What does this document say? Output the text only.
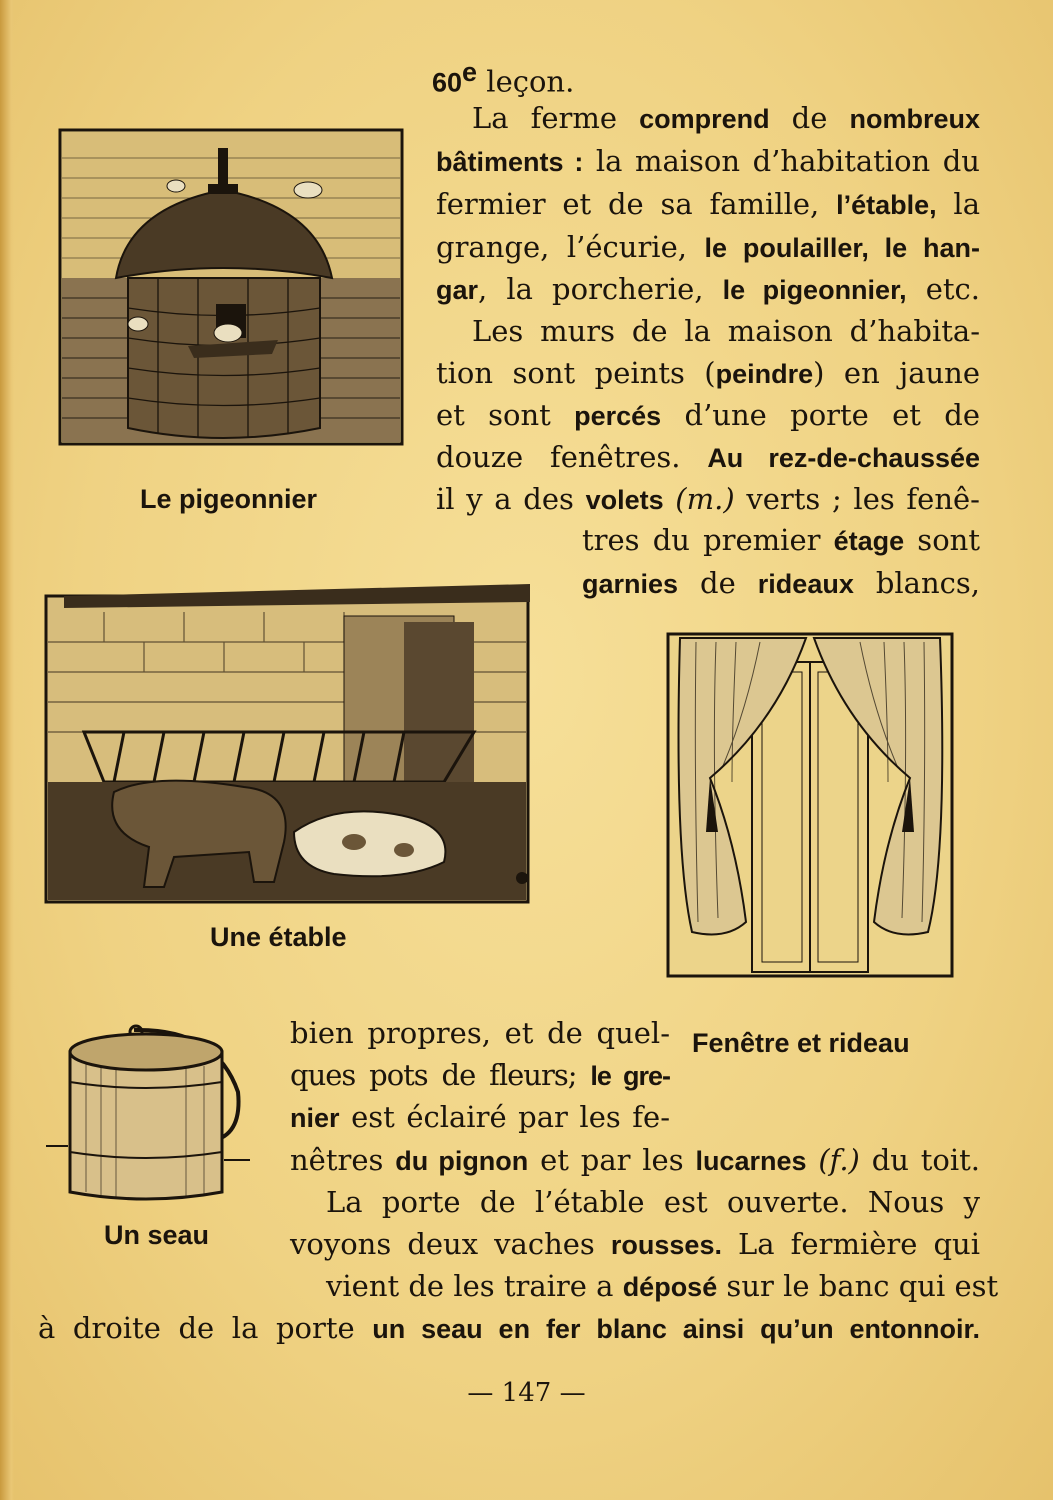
60e leçon.
La ferme comprend de nombreux
bâtiments : la maison d’habitation du
fermier et de sa famille, l’étable, la
grange, l’écurie, le poulailler, le han-
gar, la porcherie, le pigeonnier, etc.
Les murs de la maison d’habita-
tion sont peints (peindre) en jaune
et sont percés d’une porte et de
douze fenêtres. Au rez-de-chaussée
il y a des volets (m.) verts ; les fenê-
tres du premier étage sont
garnies de rideaux blancs,
bien propres, et de quel-
ques pots de fleurs; le gre-
nier est éclairé par les fe-
nêtres du pignon et par les lucarnes (f.) du toit.
La porte de l’étable est ouverte. Nous y
voyons deux vaches rousses. La fermière qui
vient de les traire a déposé sur le banc qui est
à droite de la porte un seau en fer blanc ainsi qu’un entonnoir.
Le pigeonnier
Une étable
Fenêtre et rideau
Un seau
— 147 —
